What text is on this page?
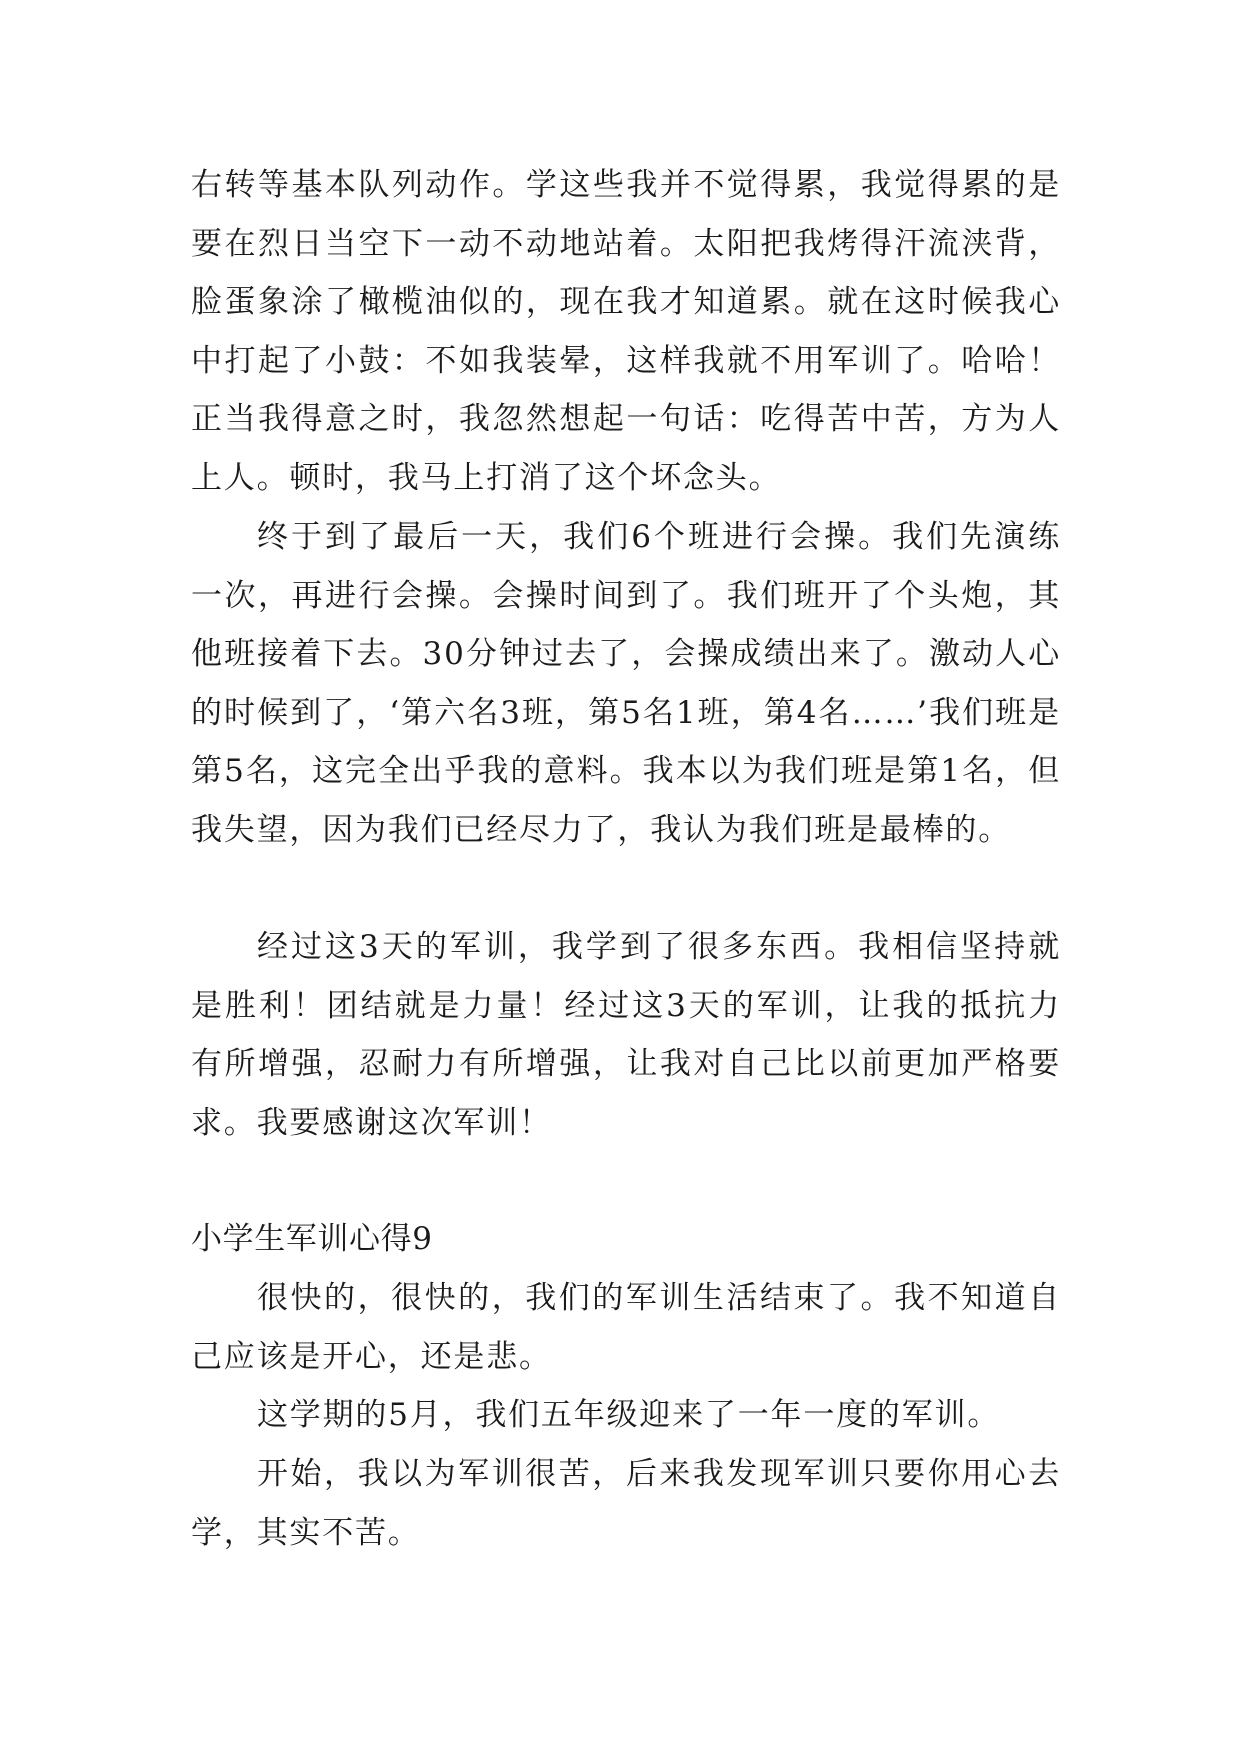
右转等基本队列动作。学这些我并不觉得累，我觉得累的是要在烈日当空下一动不动地站着。太阳把我烤得汗流浃背，脸蛋象涂了橄榄油似的，现在我才知道累。就在这时候我心中打起了小鼓：不如我装晕，这样我就不用军训了。哈哈！正当我得意之时，我忽然想起一句话：吃得苦中苦，方为人上人。顿时，我马上打消了这个坏念头。

终于到了最后一天，我们6个班进行会操。我们先演练一次，再进行会操。会操时间到了。我们班开了个头炮，其他班接着下去。30分钟过去了，会操成绩出来了。激动人心的时候到了，‘第六名3班，第5名1班，第4名……’我们班是第5名，这完全出乎我的意料。我本以为我们班是第1名，但我失望，因为我们已经尽力了，我认为我们班是最棒的。

经过这3天的军训，我学到了很多东西。我相信坚持就是胜利！团结就是力量！经过这3天的军训，让我的抵抗力有所增强，忍耐力有所增强，让我对自己比以前更加严格要求。我要感谢这次军训！

小学生军训心得9

很快的，很快的，我们的军训生活结束了。我不知道自己应该是开心，还是悲。

这学期的5月，我们五年级迎来了一年一度的军训。

开始，我以为军训很苦，后来我发现军训只要你用心去学，其实不苦。
